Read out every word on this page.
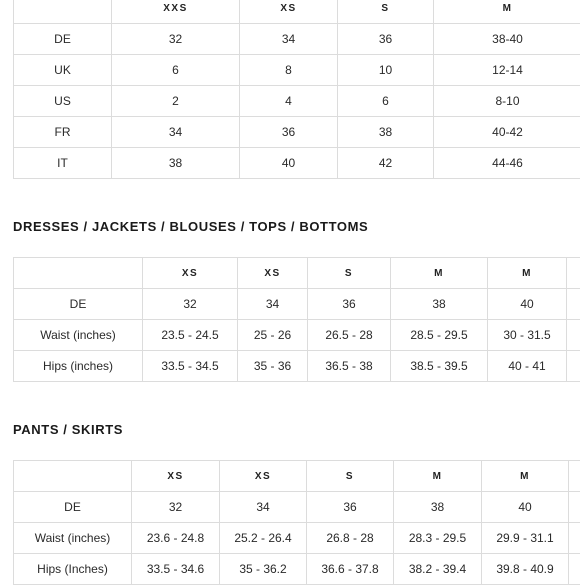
	XXS	XS	S	M
DE	32	34	36	38-40
UK	6	8	10	12-14
US	2	4	6	8-10
FR	34	36	38	40-42
IT	38	40	42	44-46
DRESSES / JACKETS / BLOUSES / TOPS / BOTTOMS
	XS	XS	S	M	M	
DE	32	34	36	38	40	
Waist (inches)	23.5 - 24.5	25 - 26	26.5 - 28	28.5 - 29.5	30 - 31.5	
Hips (inches)	33.5 - 34.5	35 - 36	36.5 - 38	38.5 - 39.5	40 - 41	
PANTS / SKIRTS
	XS	XS	S	M	M	
DE	32	34	36	38	40	
Waist (inches)	23.6 - 24.8	25.2 - 26.4	26.8 - 28	28.3 - 29.5	29.9 - 31.1	
Hips (Inches)	33.5 - 34.6	35 - 36.2	36.6 - 37.8	38.2 - 39.4	39.8 - 40.9	
